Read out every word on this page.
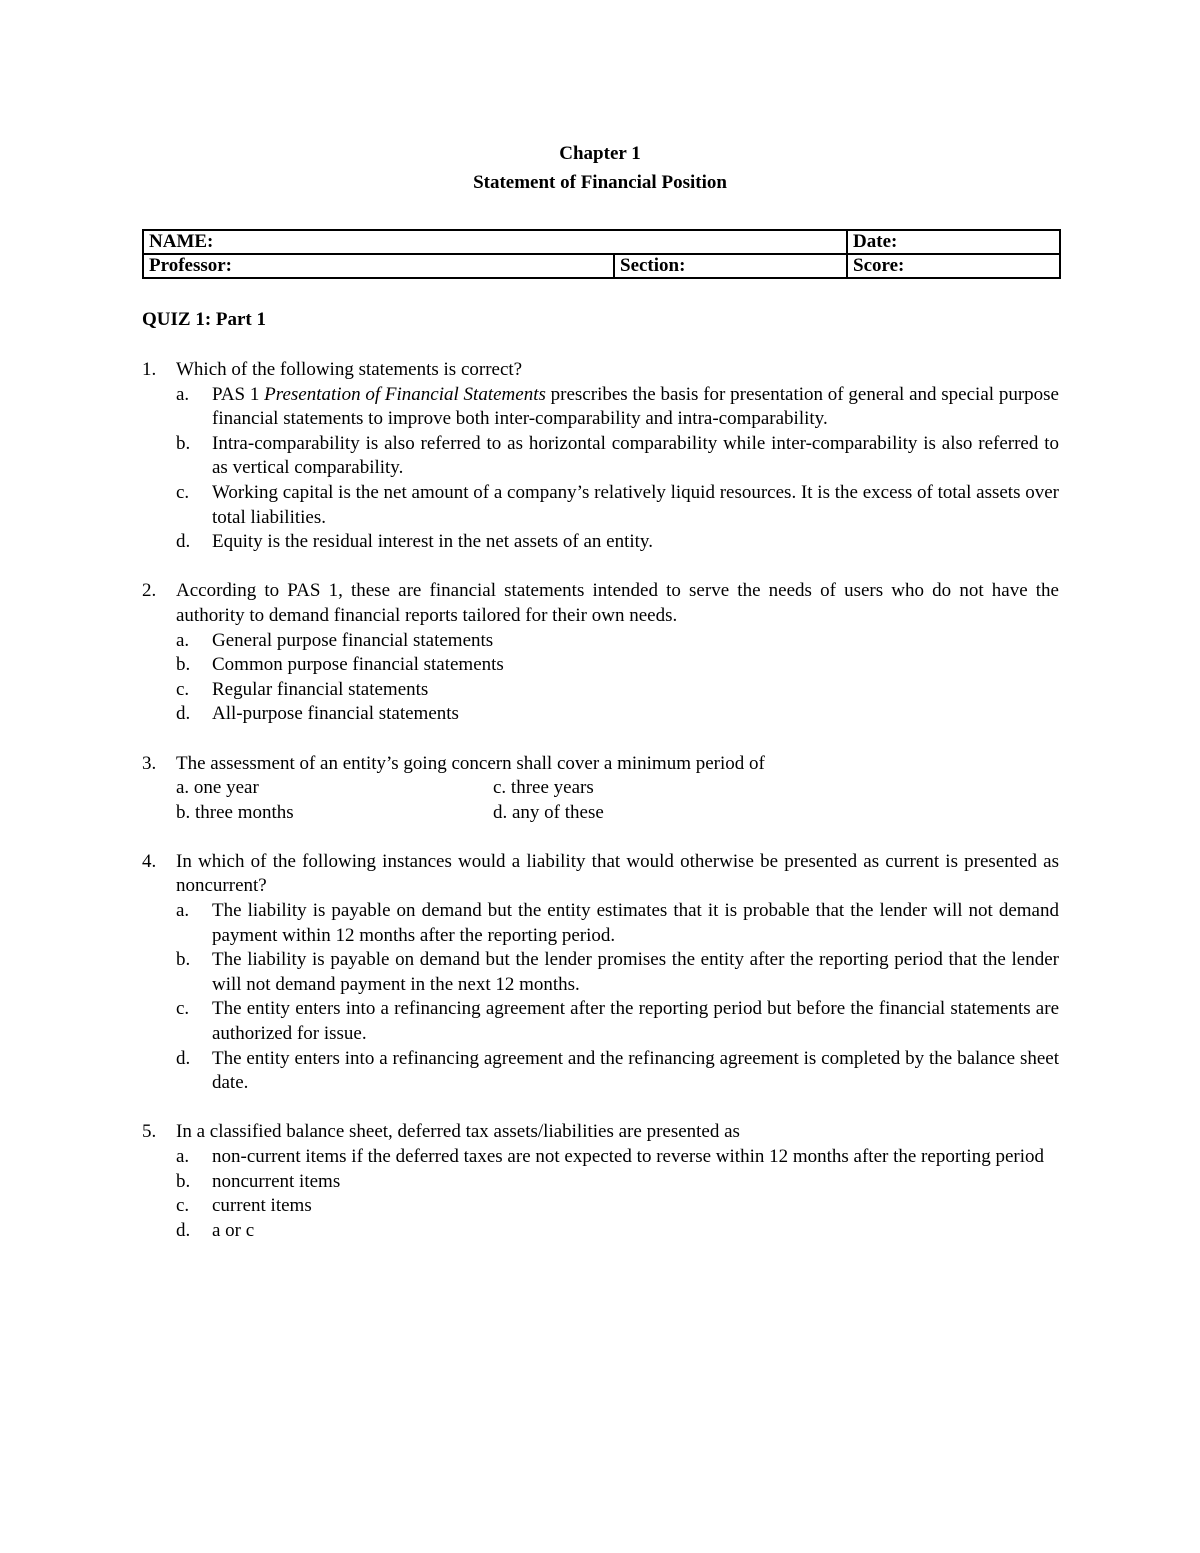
Chapter 1
Statement of Financial Position
NAME:		Date:
Professor:	Section:	Score:
QUIZ 1: Part 1
1.	Which of the following statements is correct?
a.	PAS 1 Presentation of Financial Statements prescribes the basis for presentation of general and special purpose financial statements to improve both inter-comparability and intra-comparability.
b.	Intra-comparability is also referred to as horizontal comparability while inter-comparability is also referred to as vertical comparability.
c.	Working capital is the net amount of a company’s relatively liquid resources. It is the excess of total assets over total liabilities.
d.	Equity is the residual interest in the net assets of an entity.
2.	According to PAS 1, these are financial statements intended to serve the needs of users who do not have the authority to demand financial reports tailored for their own needs.
a.	General purpose financial statements
b.	Common purpose financial statements
c.	Regular financial statements
d.	All-purpose financial statements
3.	The assessment of an entity’s going concern shall cover a minimum period of
a. one year	c. three years
b. three months	d. any of these
4.	In which of the following instances would a liability that would otherwise be presented as current is presented as noncurrent?
a.	The liability is payable on demand but the entity estimates that it is probable that the lender will not demand payment within 12 months after the reporting period.
b.	The liability is payable on demand but the lender promises the entity after the reporting period that the lender will not demand payment in the next 12 months.
c.	The entity enters into a refinancing agreement after the reporting period but before the financial statements are authorized for issue.
d.	The entity enters into a refinancing agreement and the refinancing agreement is completed by the balance sheet date.
5.	In a classified balance sheet, deferred tax assets/liabilities are presented as
a.	non-current items if the deferred taxes are not expected to reverse within 12 months after the reporting period
b.	noncurrent items
c.	current items
d.	a or c
